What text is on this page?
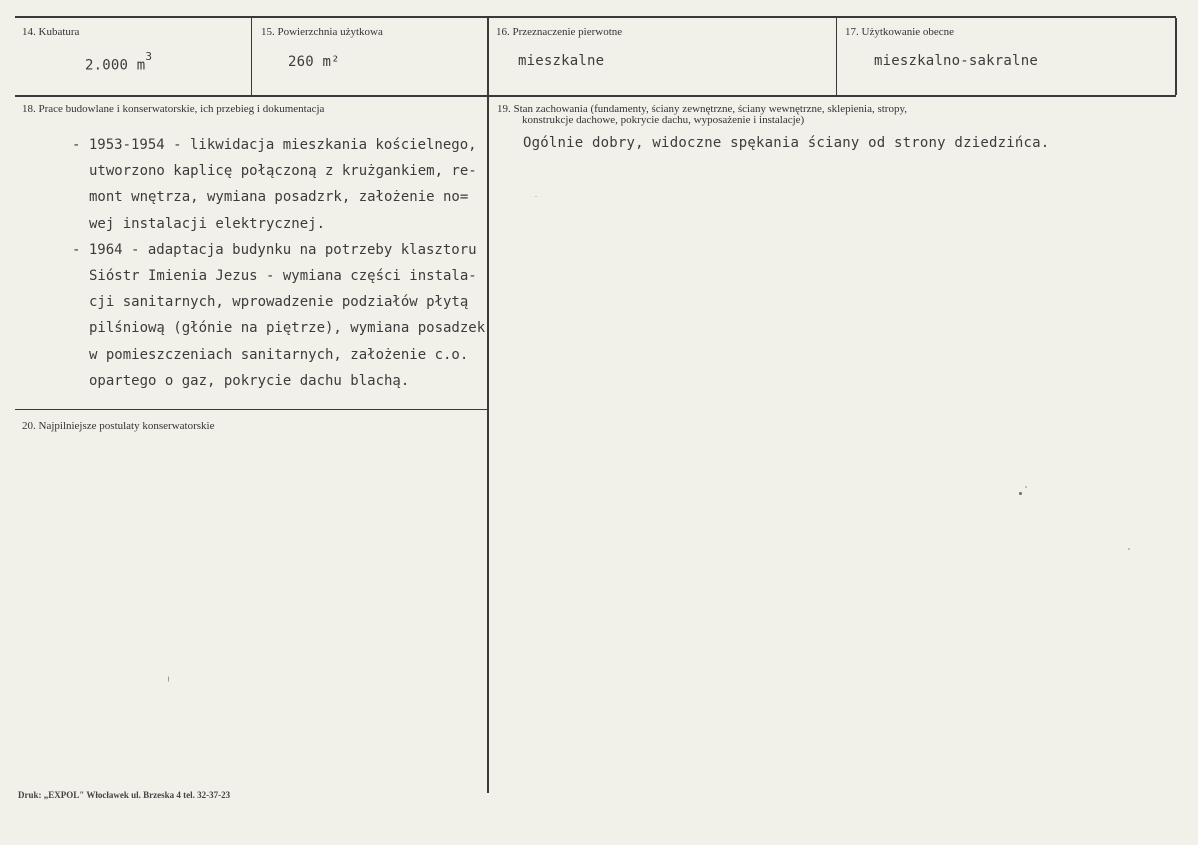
14. Kubatura
2.000 $m^3$
15. Powierzchnia użytkowa
260 m²
16. Przeznaczenie pierwotne
mieszkalne
17. Użytkowanie obecne
mieszkalno-sakralne
18. Prace budowlane i konserwatorskie, ich przebieg i dokumentacja
- 1953-1954 - likwidacja mieszkania kościelnego,
utworzono kaplicę połączoną z krużgankiem, re-
mont wnętrza, wymiana posadzrk, założenie no=
wej instalacji elektrycznej.
- 1964 - adaptacja budynku na potrzeby klasztoru
Sióstr Imienia Jezus - wymiana części instala-
cji sanitarnych, wprowadzenie podziałów płytą
pilśniową (głónie na piętrze), wymiana posadzek
w pomieszczeniach sanitarnych, założenie c.o.
opartego o gaz, pokrycie dachu blachą.
19. Stan zachowania (fundamenty, ściany zewnętrzne, ściany wewnętrzne, sklepienia, stropy,
konstrukcje dachowe, pokrycie dachu, wyposażenie i instalacje)
Ogólnie dobry, widoczne spękania ściany od strony dziedzińca.
20. Najpilniejsze postulaty konserwatorskie
Druk: „EXPOL" Włocławek ul. Brzeska 4 tel. 32-37-23
